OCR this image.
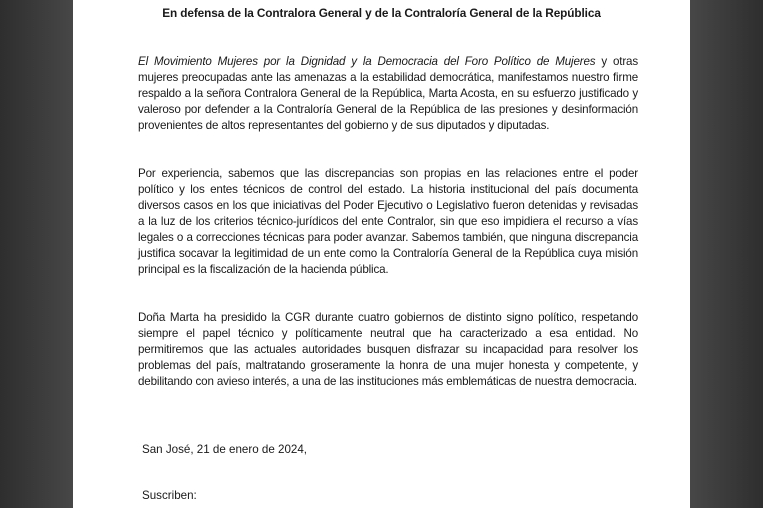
En defensa de la Contralora General y de la Contraloría General de la República
El Movimiento Mujeres por la Dignidad y la Democracia del Foro Político de Mujeres y otras mujeres preocupadas ante las amenazas a la estabilidad democrática, manifestamos nuestro firme respaldo a la señora Contralora General de la República, Marta Acosta, en su esfuerzo justificado y valeroso por defender a la Contraloría General de la República de las presiones y desinformación provenientes de altos representantes del gobierno y de sus diputados y diputadas.
Por experiencia, sabemos que las discrepancias son propias en las relaciones entre el poder político y los entes técnicos de control del estado. La historia institucional del país documenta diversos casos en los que iniciativas del Poder Ejecutivo o Legislativo fueron detenidas y revisadas a la luz de los criterios técnico-jurídicos del ente Contralor, sin que eso impidiera el recurso a vías legales o a correcciones técnicas para poder avanzar. Sabemos también, que ninguna discrepancia justifica socavar la legitimidad de un ente como la Contraloría General de la República cuya misión principal es la fiscalización de la hacienda pública.
Doña Marta ha presidido la CGR durante cuatro gobiernos de distinto signo político, respetando siempre el papel técnico y políticamente neutral que ha caracterizado a esa entidad. No permitiremos que las actuales autoridades busquen disfrazar su incapacidad para resolver los problemas del país, maltratando groseramente la honra de una mujer honesta y competente, y debilitando con avieso interés, a una de las instituciones más emblemáticas de nuestra democracia.
San José, 21 de enero de 2024,
Suscriben:
